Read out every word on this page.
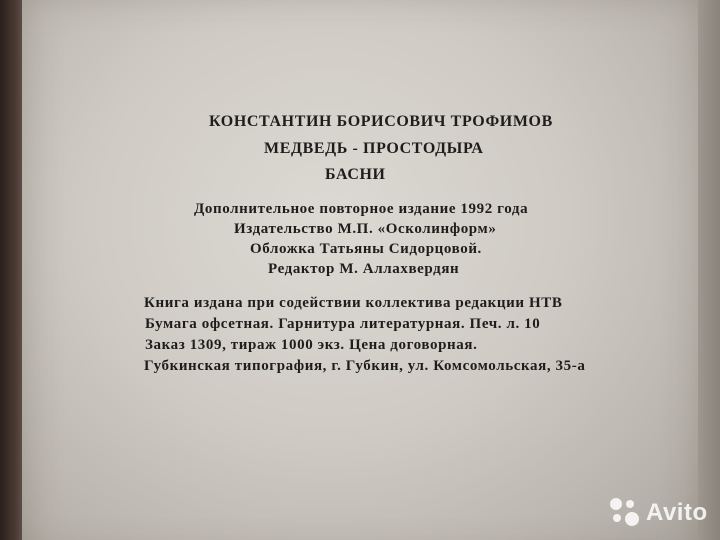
КОНСТАНТИН БОРИСОВИЧ ТРОФИМОВ
МЕДВЕДЬ - ПРОСТОДЫРА
БАСНИ
Дополнительное повторное издание 1992 года
Издательство М.П. «Осколинформ»
Обложка Татьяны Сидорцовой.
Редактор М. Аллахвердян
Книга издана при содействии коллектива редакции НТВ
Бумага офсетная. Гарнитура литературная. Печ. л. 10
Заказ 1309, тираж 1000 экз. Цена договорная.
Губкинская типография, г. Губкин, ул. Комсомольская, 35-а
Avito
